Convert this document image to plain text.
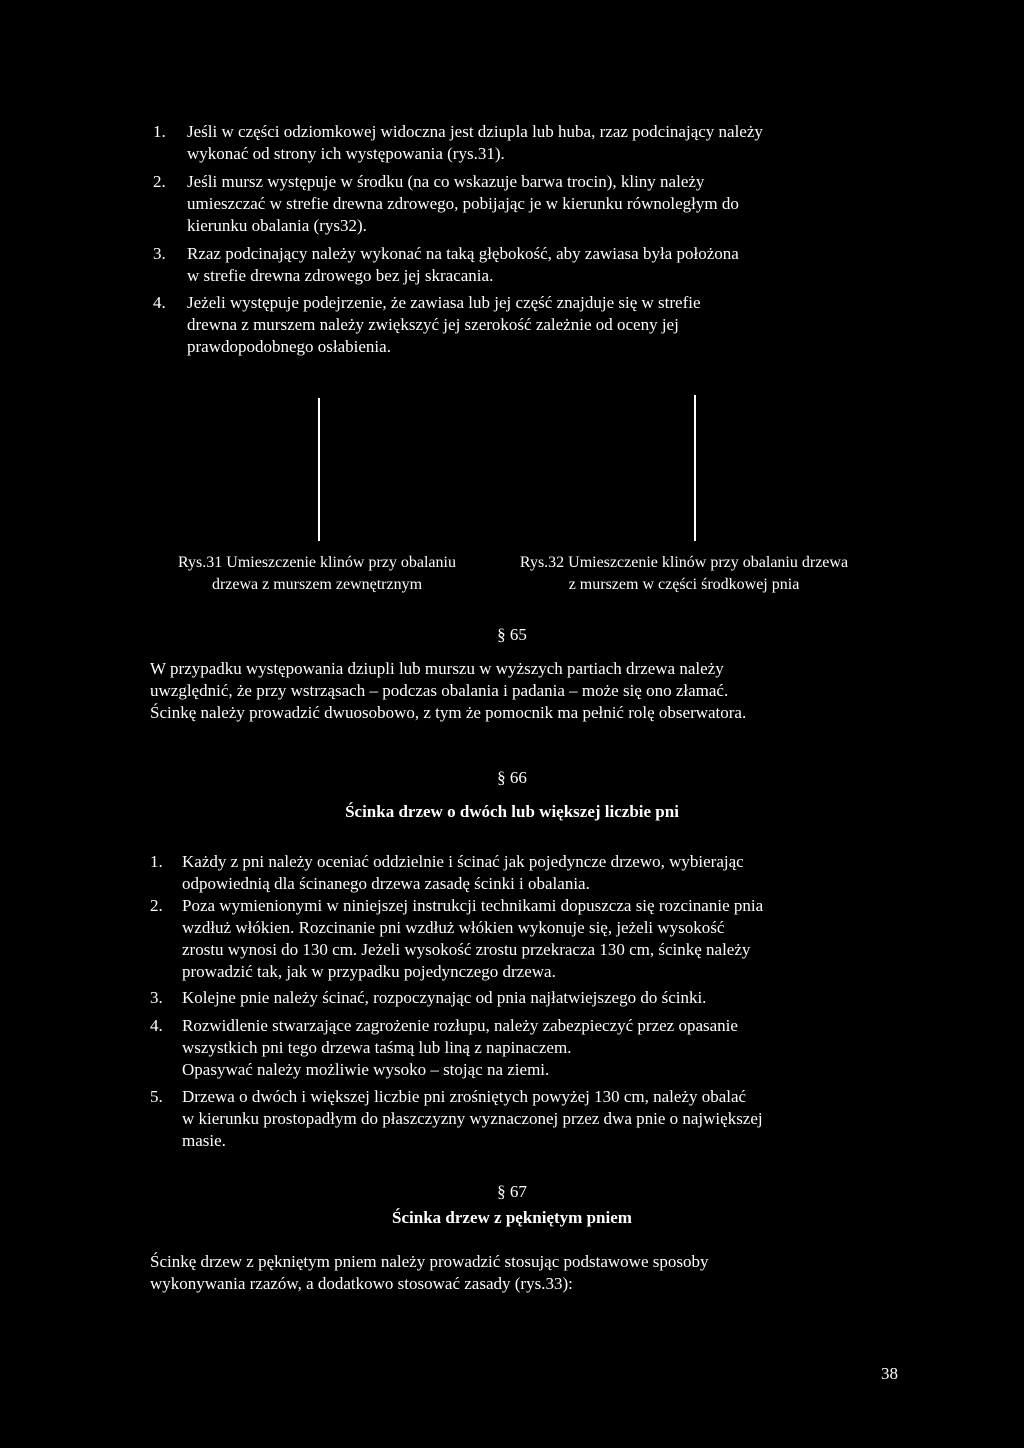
1. Jeśli w części odziomkowej widoczna jest dziupla lub huba, rzaz podcinający należy
wykonać od strony ich występowania (rys.31).
2. Jeśli mursz występuje w środku (na co wskazuje barwa trocin), kliny należy
umieszczać w strefie drewna zdrowego, pobijając je w kierunku równoległym do
kierunku obalania (rys32).
3. Rzaz podcinający należy wykonać na taką głębokość, aby zawiasa była położona
w strefie drewna zdrowego bez jej skracania.
4. Jeżeli występuje podejrzenie, że zawiasa lub jej część znajduje się w strefie
drewna z murszem należy zwiększyć jej szerokość zależnie od oceny jej
prawdopodobnego osłabienia.
Rys.31 Umieszczenie klinów przy obalaniu
drzewa z murszem zewnętrznym
Rys.32 Umieszczenie klinów przy obalaniu drzewa
z murszem w części środkowej pnia
§ 65
W przypadku występowania dziupli lub murszu w wyższych partiach drzewa należy
uwzględnić, że przy wstrząsach – podczas obalania i padania – może się ono złamać.
Ścinkę należy prowadzić dwuosobowo, z tym że pomocnik ma pełnić rolę obserwatora.
§ 66
Ścinka drzew o dwóch lub większej liczbie pni
1. Każdy z pni należy oceniać oddzielnie i ścinać jak pojedyncze drzewo, wybierając
odpowiednią dla ścinanego drzewa zasadę ścinki i obalania.
2. Poza wymienionymi w niniejszej instrukcji technikami dopuszcza się rozcinanie pnia
wzdłuż włókien. Rozcinanie pni wzdłuż włókien wykonuje się, jeżeli wysokość
zrostu wynosi do 130 cm. Jeżeli wysokość zrostu przekracza 130 cm, ścinkę należy
prowadzić tak, jak w przypadku pojedynczego drzewa.
3. Kolejne pnie należy ścinać, rozpoczynając od pnia najłatwiejszego do ścinki.
4. Rozwidlenie stwarzające zagrożenie rozłupu, należy zabezpieczyć przez opasanie
wszystkich pni tego drzewa taśmą lub liną z napinaczem.
Opasywać należy możliwie wysoko – stojąc na ziemi.
5. Drzewa o dwóch i większej liczbie pni zrośniętych powyżej 130 cm, należy obalać
w kierunku prostopadłym do płaszczyzny wyznaczonej przez dwa pnie o największej
masie.
§ 67
Ścinka drzew z pękniętym pniem
Ścinkę drzew z pękniętym pniem należy prowadzić stosując podstawowe sposoby
wykonywania rzazów, a dodatkowo stosować zasady (rys.33):
38
